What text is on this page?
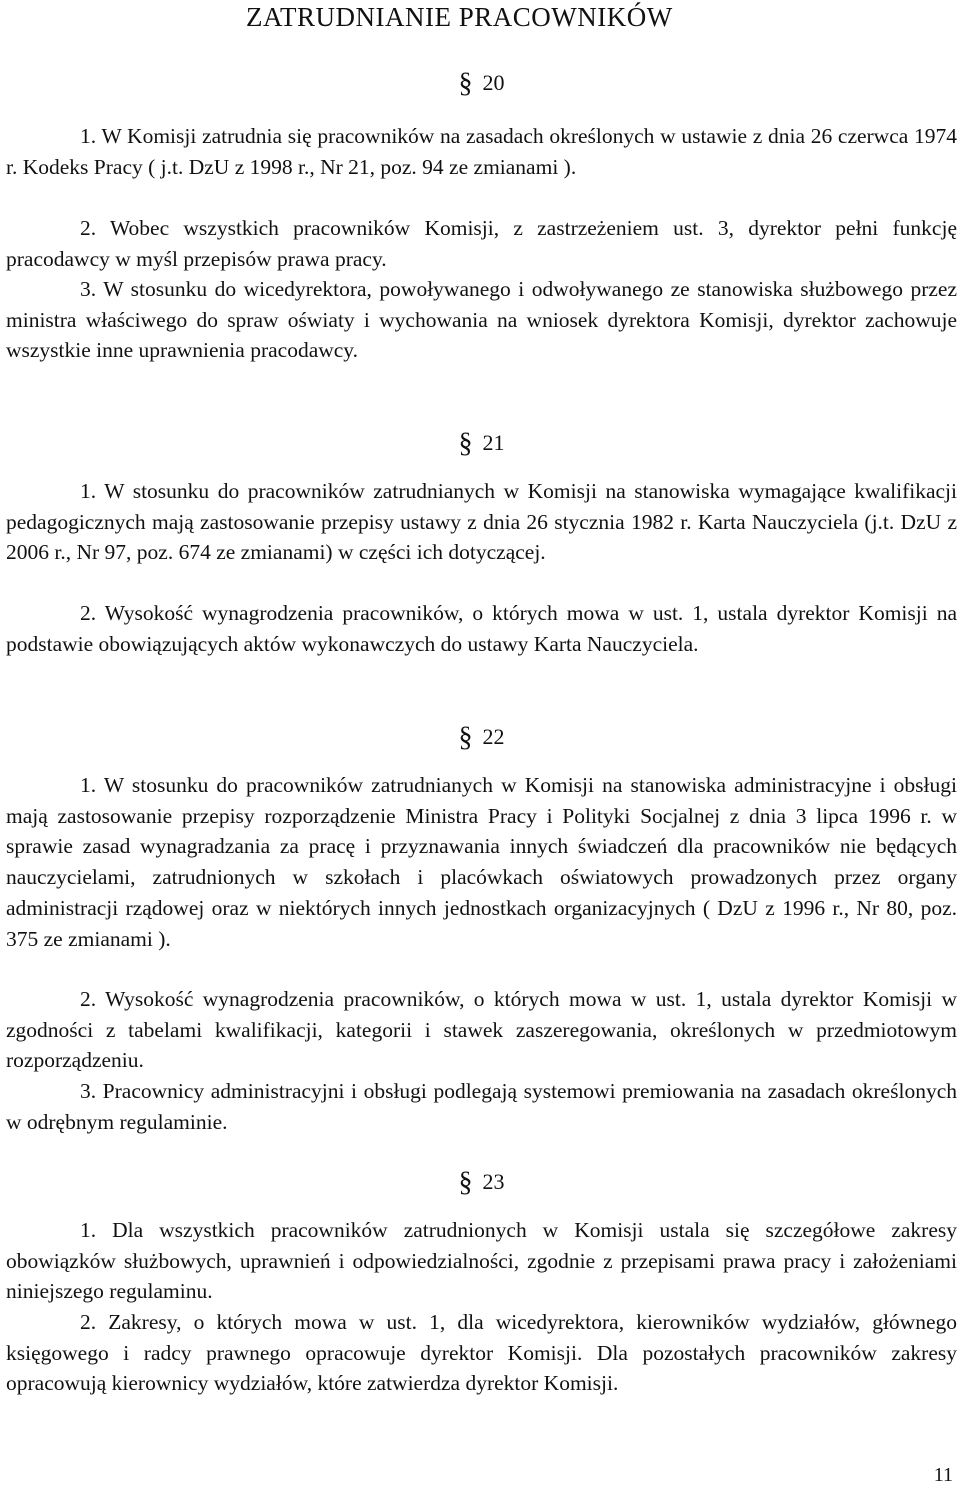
ZATRUDNIANIE PRACOWNIKÓW
§ 20
1. W Komisji zatrudnia się pracowników na zasadach określonych w ustawie z dnia 26 czerwca 1974 r. Kodeks Pracy ( j.t. DzU z 1998 r., Nr 21, poz. 94 ze zmianami ).
2. Wobec wszystkich pracowników Komisji, z zastrzeżeniem ust. 3, dyrektor pełni funkcję pracodawcy w myśl przepisów prawa pracy.
3. W stosunku do wicedyrektora, powoływanego i odwoływanego ze stanowiska służbowego przez ministra właściwego do spraw oświaty i wychowania na wniosek dyrektora Komisji, dyrektor zachowuje wszystkie inne uprawnienia pracodawcy.
§ 21
1. W stosunku do pracowników zatrudnianych w Komisji na stanowiska wymagające kwalifikacji pedagogicznych mają zastosowanie przepisy ustawy z dnia 26 stycznia 1982 r. Karta Nauczyciela (j.t. DzU z 2006 r., Nr 97, poz. 674 ze zmianami) w części ich dotyczącej.
2. Wysokość wynagrodzenia pracowników, o których mowa w ust. 1, ustala dyrektor Komisji na podstawie obowiązujących aktów wykonawczych do ustawy Karta Nauczyciela.
§ 22
1. W stosunku do pracowników zatrudnianych w Komisji na stanowiska administracyjne i obsługi mają zastosowanie przepisy rozporządzenie Ministra Pracy i Polityki Socjalnej z dnia 3 lipca 1996 r. w sprawie zasad wynagradzania za pracę i przyznawania innych świadczeń dla pracowników nie będących nauczycielami, zatrudnionych w szkołach i placówkach oświatowych prowadzonych przez organy administracji rządowej oraz w niektórych innych jednostkach organizacyjnych ( DzU z 1996 r., Nr 80, poz. 375 ze zmianami ).
2. Wysokość wynagrodzenia pracowników, o których mowa w ust. 1, ustala dyrektor Komisji w zgodności z tabelami kwalifikacji, kategorii i stawek zaszeregowania, określonych w przedmiotowym rozporządzeniu.
3. Pracownicy administracyjni i obsługi podlegają systemowi premiowania na zasadach określonych w odrębnym regulaminie.
§ 23
1. Dla wszystkich pracowników zatrudnionych w Komisji ustala się szczegółowe zakresy obowiązków służbowych, uprawnień i odpowiedzialności, zgodnie z przepisami prawa pracy i założeniami niniejszego regulaminu.
2. Zakresy, o których mowa w ust. 1, dla wicedyrektora, kierowników wydziałów, głównego księgowego i radcy prawnego opracowuje dyrektor Komisji. Dla pozostałych pracowników zakresy opracowują kierownicy wydziałów, które zatwierdza dyrektor Komisji.
11
